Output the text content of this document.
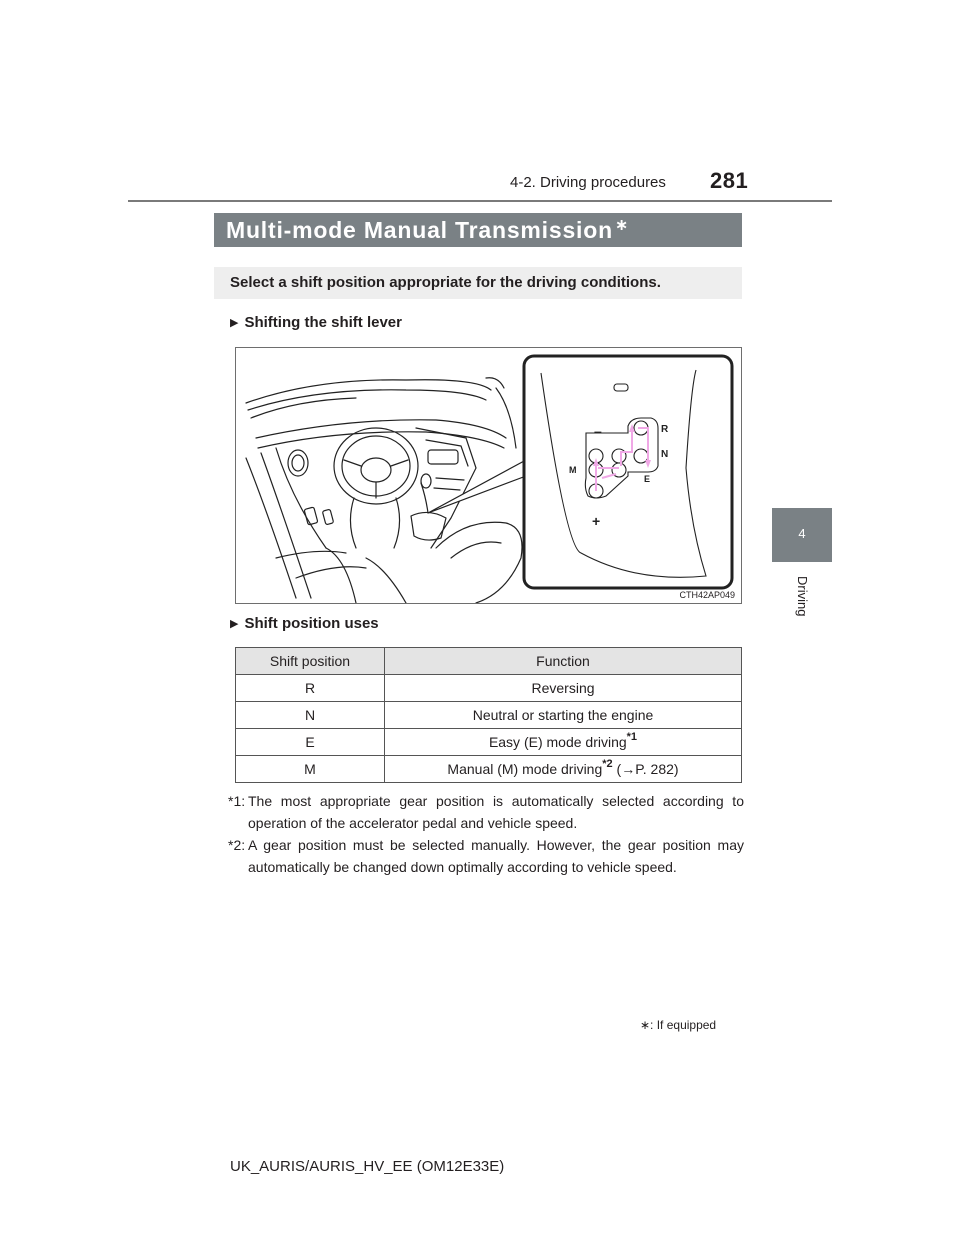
4-2. Driving procedures 281
4
Driving
Multi-mode Manual Transmission ∗
Select a shift position appropriate for the driving conditions.
▶ Shifting the shift lever
–
+
R
N
M
E
CTH42AP049
▶ Shift position uses
Shift position	Function
R	Reversing
N	Neutral or starting the engine
E	Easy (E) mode driving$^{*1}$
M	Manual (M) mode driving$^{*2}$ (→P. 282)
*1: The most appropriate gear position is automatically selected according to operation of the accelerator pedal and vehicle speed.
*2: A gear position must be selected manually. However, the gear position may automatically be changed down optimally according to vehicle speed.
∗: If equipped
UK_AURIS/AURIS_HV_EE (OM12E33E)
